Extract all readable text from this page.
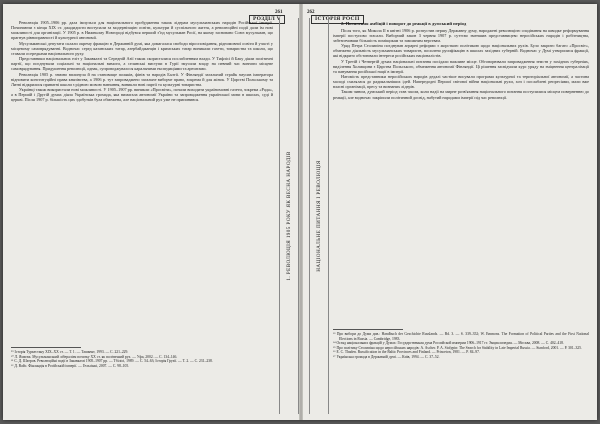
261
РОЗДІЛ V
1. РЕВОЛЮЦІЯ 1905 РОКУ ЯК ВЕСНА НАРОДІВ

Революція 1905–1906 рр. дала імпульси для національного пробудження також лідерам мусульманських народів Російської імперії. Починаючи з кінця XIX ст. джадидисти виступали за модернізацію освіти, культури й суспільного життя, а революційні події дали їм нові можливості для організації. У 1905 р. в Нижньому Новгороді відбувся перший з'їзд мусульман Росії, на якому засновано Союз мусульман, що прагнув рівноправності й культурної автономії.

Мусульманські депутати склали окрему фракцію в Державній думі, яка домагалася свободи віросповідання, рідномовної освіти й участі у місцевому самоврядуванні. Водночас серед казанських татар, азербайджанців і кримських татар виникали газети, товариства та школи, що ставали осередками національного руху.

Представники національних еліт у Закавказзі та Середній Азії також скористалися послабленням влади. У Тифлісі й Баку діяли політичні партії, що поєднували соціальні та національні вимоги, а селянські виступи в Гурії змусили владу на певний час визнати місцеве самоврядування. Придушення революції, однак, супроводжувалося каральними експедиціями та арештами.

Революція 1905 р. значно вплинула й на становище поляків, фінів та народів Балтії. У Фінляндії загальний страйк змусив імператора відновити конституційні права князівства, а 1906 р. тут запроваджено загальне виборче право, зокрема й для жінок. У Царстві Польському та Литві відкрилися приватні школи з рідною мовою навчання, виникли нові партії та культурні товариства.

Українці також використали нові можливості. У 1905–1907 рр. виникли «Просвіти», почали виходити україномовні газети, зокрема «Рада», а в Першій і Другій думах діяла Українська громада, яка вимагала автономії України та запровадження української мови в школах, суді й церкві. Після 1907 р. більшість цих здобутків була обмежена, але національний рух уже не припинився.

⁵⁹ Історія Туркестану XIX–XX ст. — Т. 1. — Ташкент, 1993. — С. 221–229.

⁶⁰ Л. Ямаєва. Мусульманський лібералізм початку XX ст. як політичний рух. — Уфа, 2002. — С. 134–146.

⁶¹ С. Д. Шатров. Революційні події в Закавказзі 1905–1907 рр. — Тбілісі, 1989. — С. 54–63; Історія Грузії. — Т. 2. — С. 231–238.

⁶² Д. Вайс. Фінляндія в Російській імперії. — Гельсінкі, 2007. — С. 98–105.

262
ІСТОРІЯ РОСІЇ
НАЦІОНАЛЬНЕ ПИТАННЯ І РЕВОЛЮЦІЯ
2. Посилення амбіцій і поворот до реакції в думський період

Після того, як Микола II в квітні 1906 р. розпустив першу Державну думу, народжені революцією сподівання на швидке реформування імперії поступово згасали. Виборчий закон 3 червня 1907 р. суттєво зменшив представництво неросійських народів і робітництва, забезпечивши більшість поміщикам та заможним верствам.

Уряд Петра Столипіна поєднував аграрні реформи з жорсткою політикою щодо національних рухів. Було закрито багато «Просвіт», обмежено діяльність мусульманських товариств, посилено русифікацію в школах західних губерній. Водночас у Думі утворилися фракції, які відкрито обстоювали інтереси російських націоналістів.

У Третій і Четвертій думах національні питання посідали важливе місце. Обговорювали запровадження земств у західних губерніях, виділення Холмщини з Царства Польського, обмеження автономії Фінляндії. Ці рішення засвідчили курс уряду на зміцнення централізації та панування російської нації в імперії.

Натомість представники неросійських народів дедалі частіше висували програми культурної та територіальної автономії, а частина молоді схилялася до радикальніших ідей. Напередодні Першої світової війни національні рухи, хоч і послаблені репресіями, мали вже власні організації, пресу та визнаних лідерів.

Таким чином, думський період став часом, коли надії на мирне розв'язання національного питання поступилися місцем поверненню до реакції, але водночас закріпили політичний досвід, набутий народами імперії під час революції.

⁶³ Про вибори до Думи див.: Handbuch der Geschichte Russlands. — Bd. 3. — S. 339–352; W. Emmons. The Formation of Political Parties and the First National Elections in Russia. — Cambridge, 1983.

⁶⁴ Огляд національних фракцій у Думах: Государственная дума Российской империи 1906–1917 гг. Энциклопедия. — Москва, 2008. — С. 402–418.

⁶⁵ Про політику Столипіна щодо неросійських народів: A. Ascher. P. A. Stolypin: The Search for Stability in Late Imperial Russia. — Stanford, 2001. — P. 301–325.

⁶⁶ E. C. Thaden. Russification in the Baltic Provinces and Finland. — Princeton, 1981. — P. 84–97.

⁶⁷ Українська громада в Державній думі. — Київ, 1994. — С. 37–52.
